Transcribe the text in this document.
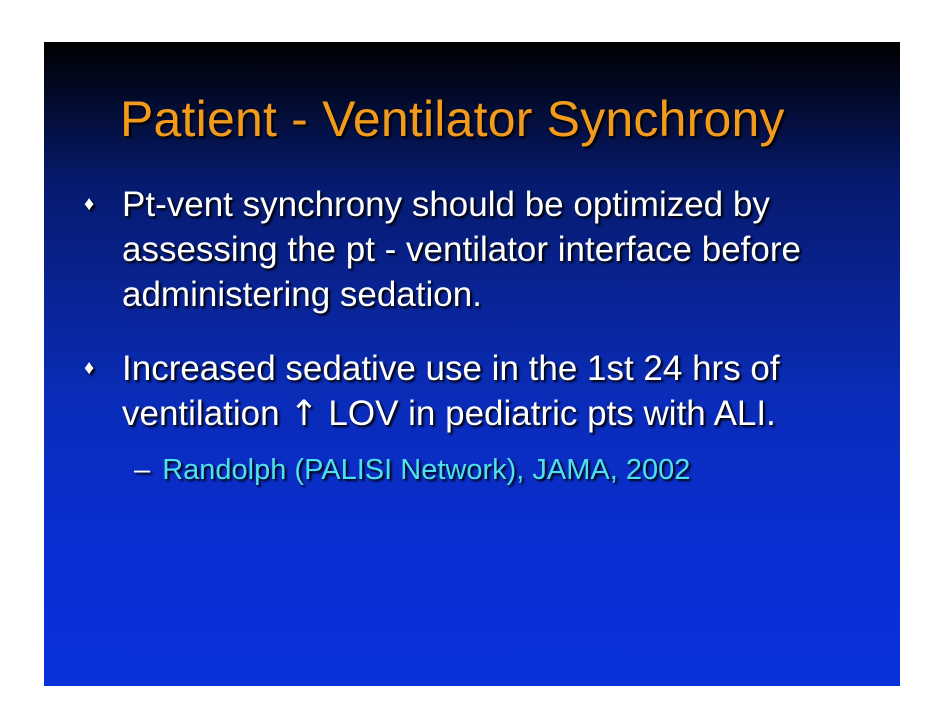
Patient - Ventilator Synchrony
♦ Pt-vent synchrony should be optimized by assessing the pt - ventilator interface before administering sedation.
♦ Increased sedative use in the 1st 24 hrs of ventilation ↑ LOV in pediatric pts with ALI.
– Randolph (PALISI Network), JAMA, 2002
